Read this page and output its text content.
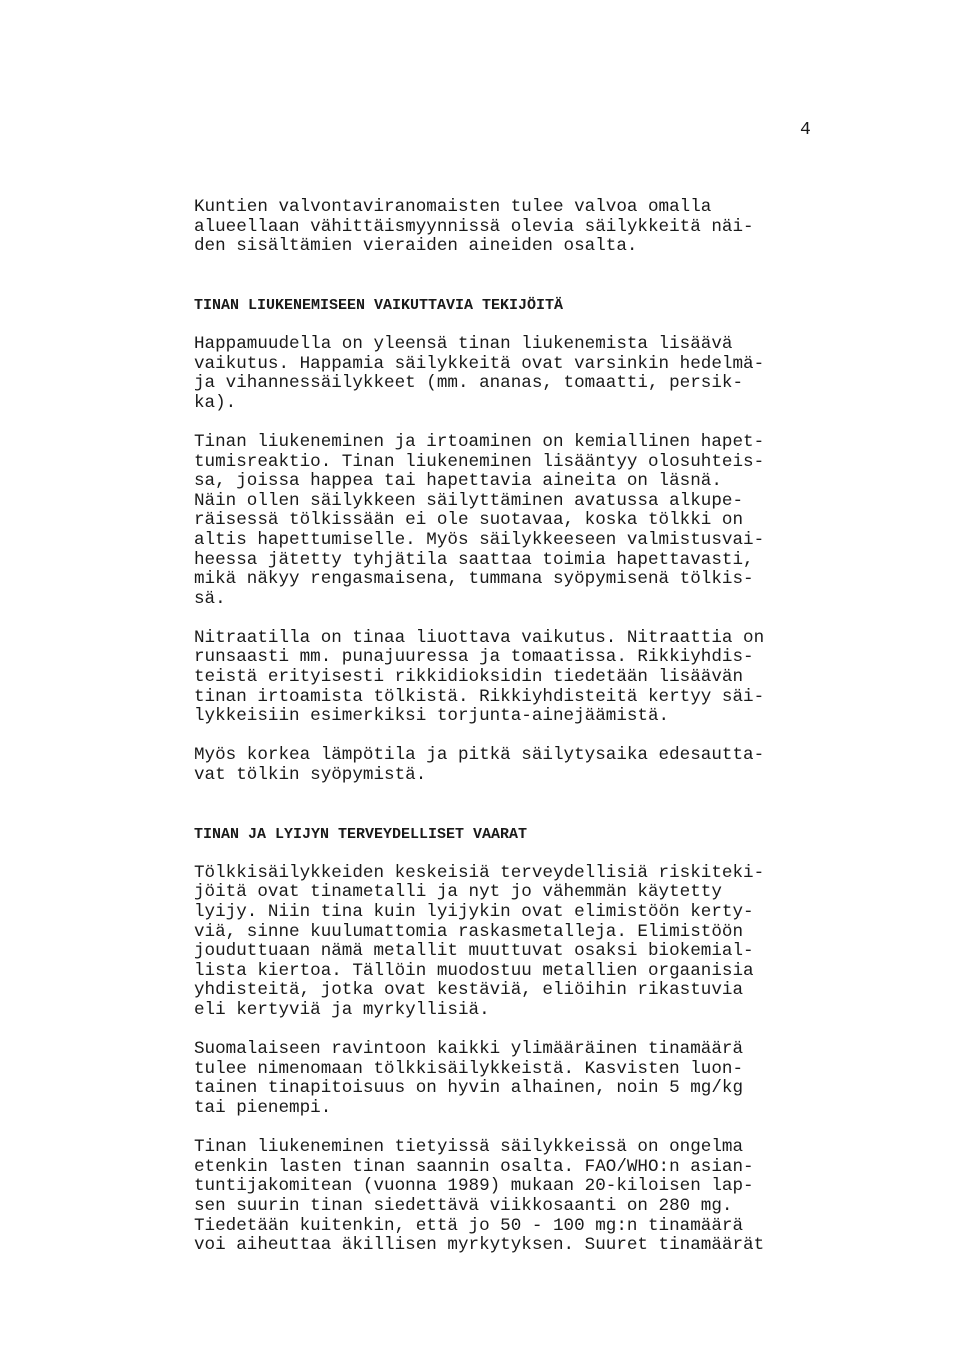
4

Kuntien valvontaviranomaisten tulee valvoa omalla
alueellaan vähittäismyynnissä olevia säilykkeitä näi-
den sisältämien vieraiden aineiden osalta.

TINAN LIUKENEMISEEN VAIKUTTAVIA TEKIJÖITÄ

Happamuudella on yleensä tinan liukenemista lisäävä
vaikutus. Happamia säilykkeitä ovat varsinkin hedelmä-
ja vihannessäilykkeet (mm. ananas, tomaatti, persik-
ka).

Tinan liukeneminen ja irtoaminen on kemiallinen hapet-
tumisreaktio. Tinan liukeneminen lisääntyy olosuhteis-
sa, joissa happea tai hapettavia aineita on läsnä.
Näin ollen säilykkeen säilyttäminen avatussa alkupe-
räisessä tölkissään ei ole suotavaa, koska tölkki on
altis hapettumiselle. Myös säilykkeeseen valmistusvai-
heessa jätetty tyhjätila saattaa toimia hapettavasti,
mikä näkyy rengasmaisena, tummana syöpymisenä tölkis-
sä.

Nitraatilla on tinaa liuottava vaikutus. Nitraattia on
runsaasti mm. punajuuressa ja tomaatissa. Rikkiyhdis-
teistä erityisesti rikkidioksidin tiedetään lisäävän
tinan irtoamista tölkistä. Rikkiyhdisteitä kertyy säi-
lykkeisiin esimerkiksi torjunta-ainejäämistä.

Myös korkea lämpötila ja pitkä säilytysaika edesautta-
vat tölkin syöpymistä.

TINAN JA LYIJYN TERVEYDELLISET VAARAT

Tölkkisäilykkeiden keskeisiä terveydellisiä riskiteki-
jöitä ovat tinametalli ja nyt jo vähemmän käytetty
lyijy. Niin tina kuin lyijykin ovat elimistöön kerty-
viä, sinne kuulumattomia raskasmetalleja. Elimistöön
jouduttuaan nämä metallit muuttuvat osaksi biokemial-
lista kiertoa. Tällöin muodostuu metallien orgaanisia
yhdisteitä, jotka ovat kestäviä, eliöihin rikastuvia
eli kertyviä ja myrkyllisiä.

Suomalaiseen ravintoon kaikki ylimääräinen tinamäärä
tulee nimenomaan tölkkisäilykkeistä. Kasvisten luon-
tainen tinapitoisuus on hyvin alhainen, noin 5 mg/kg
tai pienempi.

Tinan liukeneminen tietyissä säilykkeissä on ongelma
etenkin lasten tinan saannin osalta. FAO/WHO:n asian-
tuntijakomitean (vuonna 1989) mukaan 20-kiloisen lap-
sen suurin tinan siedettävä viikkosaanti on 280 mg.
Tiedetään kuitenkin, että jo 50 - 100 mg:n tinamäärä
voi aiheuttaa äkillisen myrkytyksen. Suuret tinamäärät
